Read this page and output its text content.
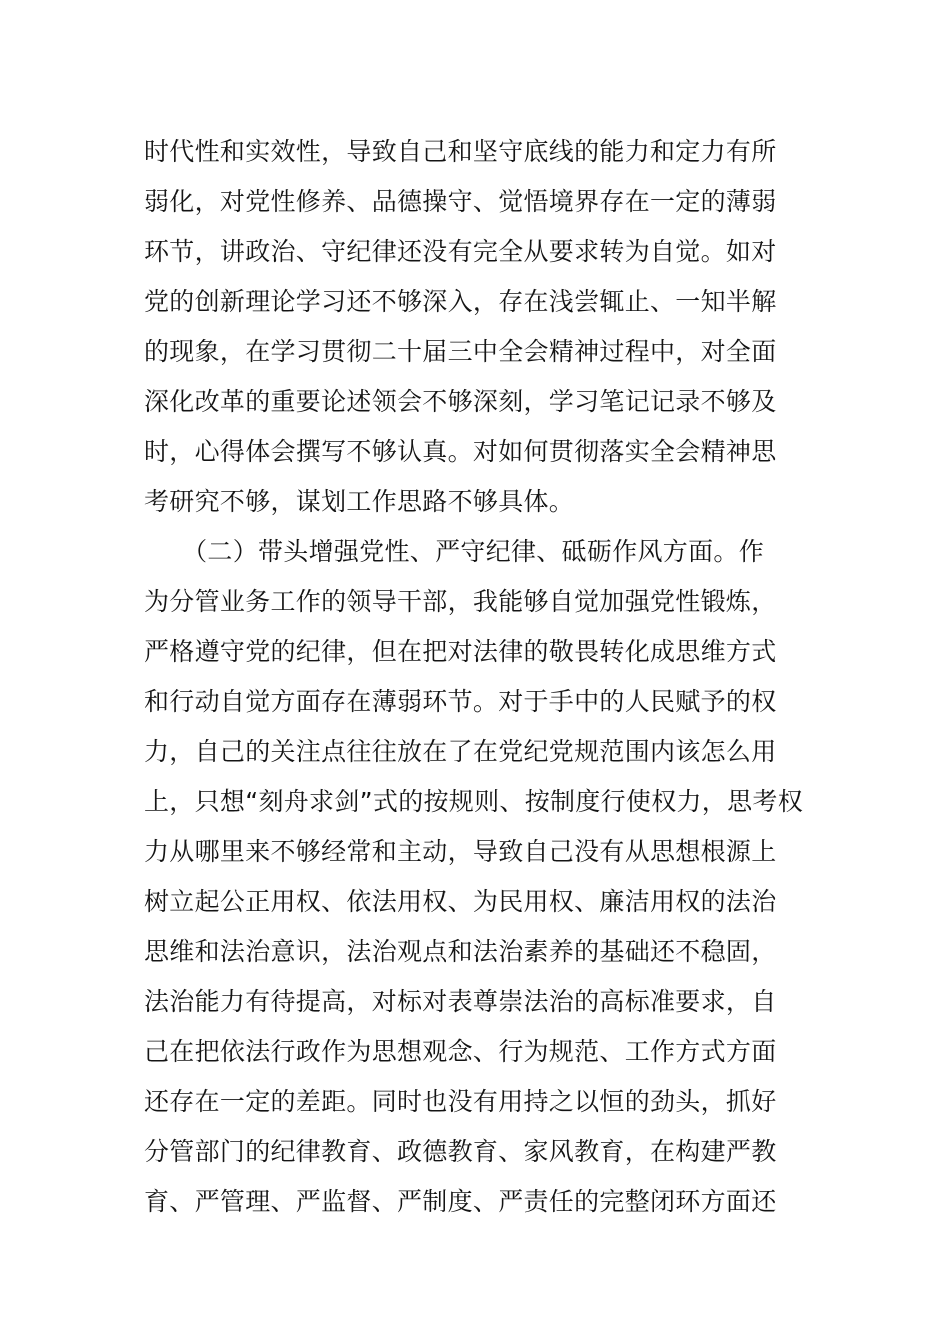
时代性和实效性，导致自己和坚守底线的能力和定力有所
弱化，对党性修养、品德操守、觉悟境界存在一定的薄弱
环节，讲政治、守纪律还没有完全从要求转为自觉。如对
党的创新理论学习还不够深入，存在浅尝辄止、一知半解
的现象，在学习贯彻二十届三中全会精神过程中，对全面
深化改革的重要论述领会不够深刻，学习笔记记录不够及
时，心得体会撰写不够认真。对如何贯彻落实全会精神思
考研究不够，谋划工作思路不够具体。
　　（二）带头增强党性、严守纪律、砥砺作风方面。作
为分管业务工作的领导干部，我能够自觉加强党性锻炼，
严格遵守党的纪律，但在把对法律的敬畏转化成思维方式
和行动自觉方面存在薄弱环节。对于手中的人民赋予的权
力，自己的关注点往往放在了在党纪党规范围内该怎么用
上，只想“刻舟求剑”式的按规则、按制度行使权力，思考权
力从哪里来不够经常和主动，导致自己没有从思想根源上
树立起公正用权、依法用权、为民用权、廉洁用权的法治
思维和法治意识，法治观点和法治素养的基础还不稳固，
法治能力有待提高，对标对表尊崇法治的高标准要求，自
己在把依法行政作为思想观念、行为规范、工作方式方面
还存在一定的差距。同时也没有用持之以恒的劲头，抓好
分管部门的纪律教育、政德教育、家风教育，在构建严教
育、严管理、严监督、严制度、严责任的完整闭环方面还
